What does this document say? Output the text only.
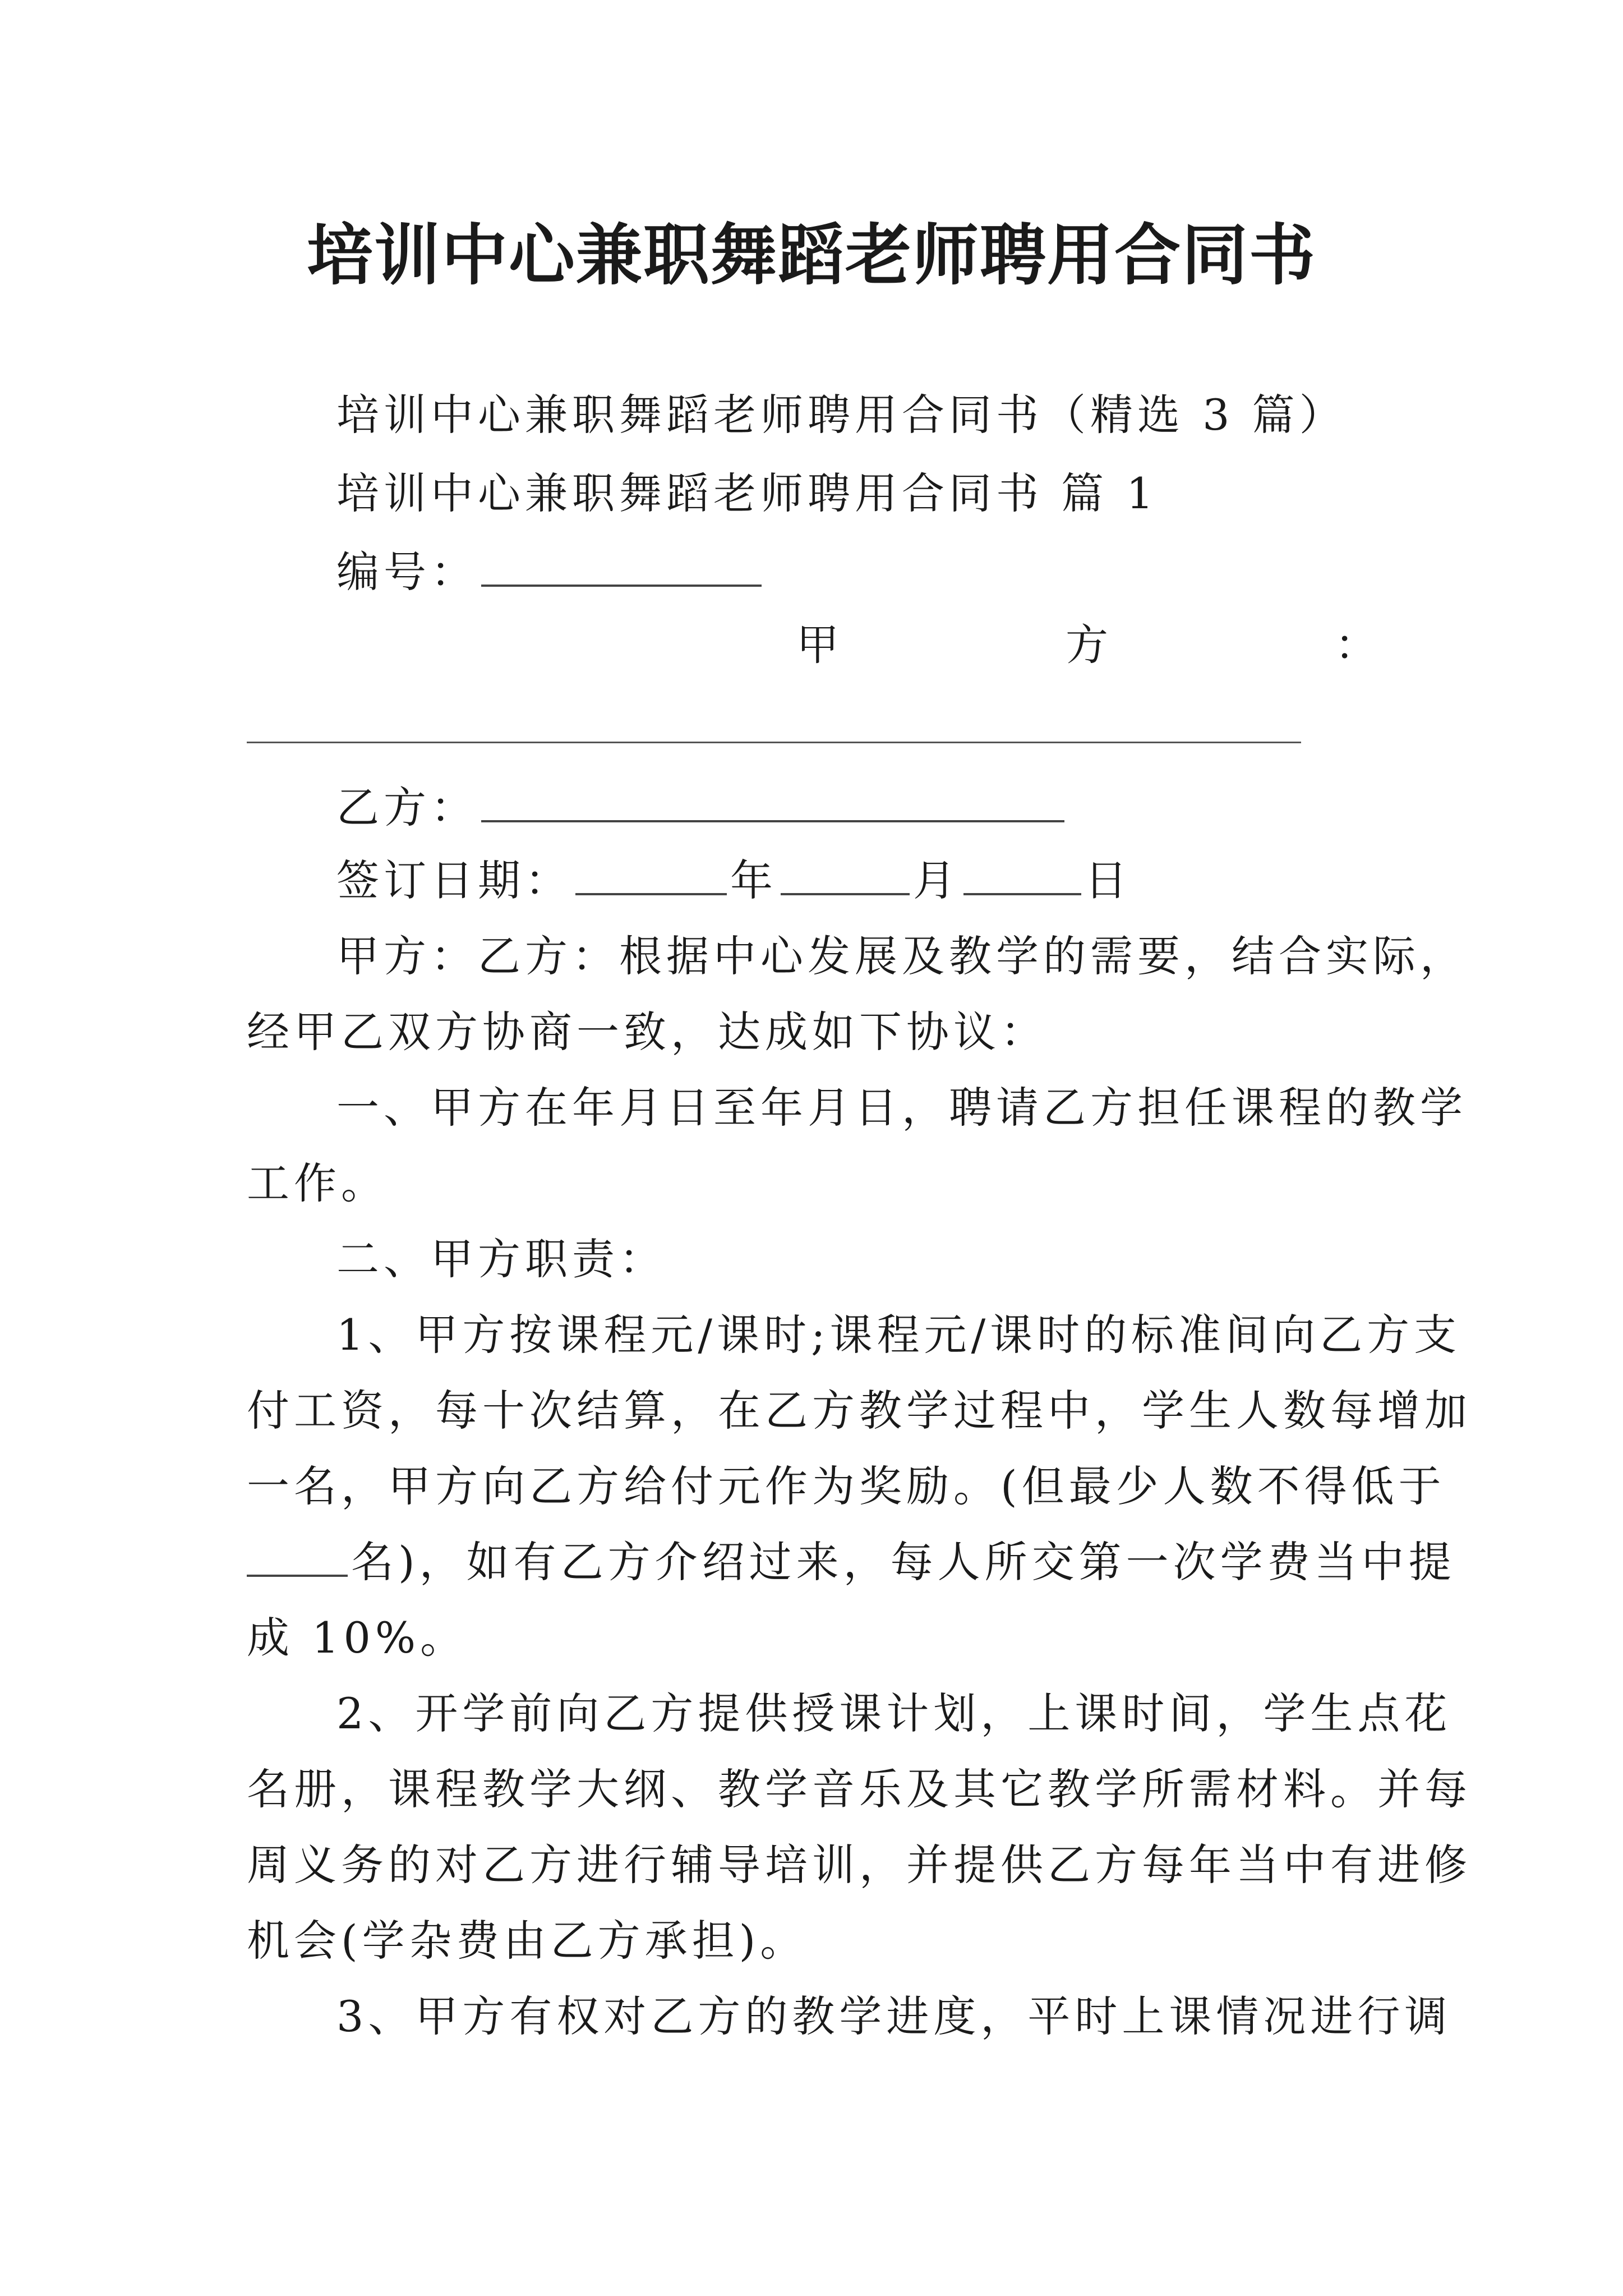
培训中心兼职舞蹈老师聘用合同书
培训中心兼职舞蹈老师聘用合同书（精选 3 篇）
培训中心兼职舞蹈老师聘用合同书 篇 1
编号：
甲	方	：
乙方：
签订日期：	年	月	日
甲方：乙方：根据中心发展及教学的需要，结合实际，
经甲乙双方协商一致，达成如下协议：
一、甲方在年月日至年月日，聘请乙方担任课程的教学
工作。
二、甲方职责：
1、甲方按课程元/课时;课程元/课时的标准间向乙方支
付工资，每十次结算，在乙方教学过程中，学生人数每增加
一名，甲方向乙方给付元作为奖励。(但最少人数不得低于
名)，如有乙方介绍过来，每人所交第一次学费当中提
成 10%。
2、开学前向乙方提供授课计划，上课时间，学生点花
名册，课程教学大纲、教学音乐及其它教学所需材料。并每
周义务的对乙方进行辅导培训，并提供乙方每年当中有进修
机会(学杂费由乙方承担)。
3、甲方有权对乙方的教学进度，平时上课情况进行调
